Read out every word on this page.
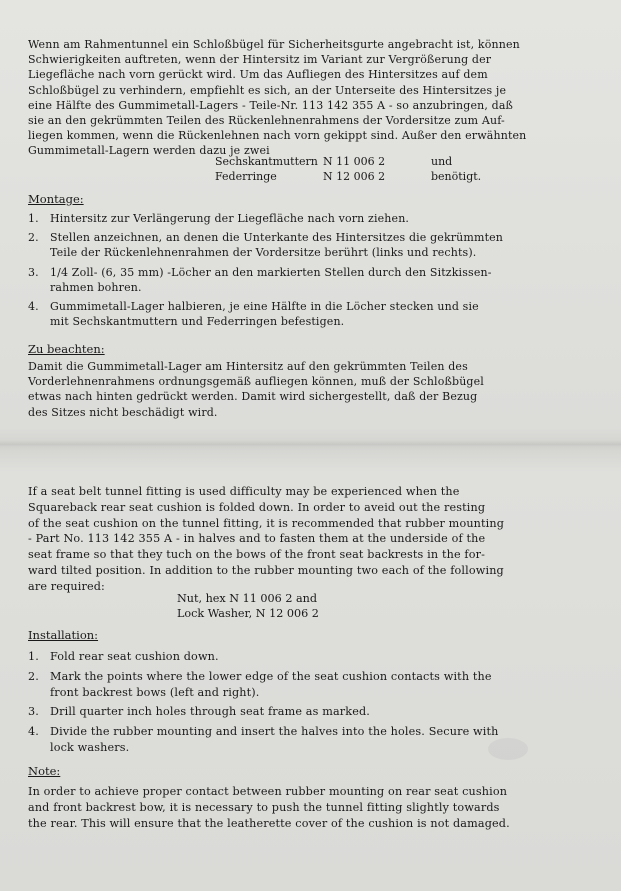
Wenn am Rahmentunnel ein Schloßbügel für Sicherheitsgurte angebracht ist, können

Schwierigkeiten auftreten, wenn der Hintersitz im Variant zur Vergrößerung der

Liegefläche nach vorn gerückt wird. Um das Aufliegen des Hintersitzes auf dem

Schloßbügel zu verhindern, empfiehlt es sich, an der Unterseite des Hintersitzes je

eine Hälfte des Gummimetall-Lagers - Teile-Nr. 113 142 355 A - so anzubringen, daß

sie an den gekrümmten Teilen des Rückenlehnenrahmens der Vordersitze zum Auf-

liegen kommen, wenn die Rückenlehnen nach vorn gekippt sind. Außer den erwähnten

Gummimetall-Lagern werden dazu je zwei

Sechskantmuttern N 11 006 2	und
Federringe	N 12 006 2	benötigt.
Montage:
1.	Hintersitz zur Verlängerung der Liegefläche nach vorn ziehen.
2.	Stellen anzeichnen, an denen die Unterkante des Hintersitzes die gekrümmten
Teile der Rückenlehnenrahmen der Vordersitze berührt (links und rechts).
3.	1/4 Zoll- (6, 35 mm) -Löcher an den markierten Stellen durch den Sitzkissen-
rahmen bohren.
4.	Gummimetall-Lager halbieren, je eine Hälfte in die Löcher stecken und sie
mit Sechskantmuttern und Federringen befestigen.
Zu beachten:

Damit die Gummimetall-Lager am Hintersitz auf den gekrümmten Teilen des

Vorderlehnenrahmens ordnungsgemäß aufliegen können, muß der Schloßbügel

etwas nach hinten gedrückt werden. Damit wird sichergestellt, daß der Bezug

des Sitzes nicht beschädigt wird.

If a seat belt tunnel fitting is used difficulty may be experienced when the

Squareback rear seat cushion is folded down. In order to aveid out the resting

of the seat cushion on the tunnel fitting, it is recommended that rubber mounting

- Part No. 113 142 355 A - in halves and to fasten them at the underside of the

seat frame so that they tuch on the bows of the front seat backrests in the for-

ward tilted position. In addition to the rubber mounting two each of the following

are required:

Nut, hex N 11 006 2 and
Lock Washer, N 12 006 2
Installation:
1. Fold rear seat cushion down.
2. Mark the points where the lower edge of the seat cushion contacts with the
front backrest bows (left and right).
3. Drill quarter inch holes through seat frame as marked.
4. Divide the rubber mounting and insert the halves into the holes. Secure with
lock washers.
Note:

In order to achieve proper contact between rubber mounting on rear seat cushion

and front backrest bow, it is necessary to push the tunnel fitting slightly towards

the rear. This will ensure that the leatherette cover of the cushion is not damaged.
